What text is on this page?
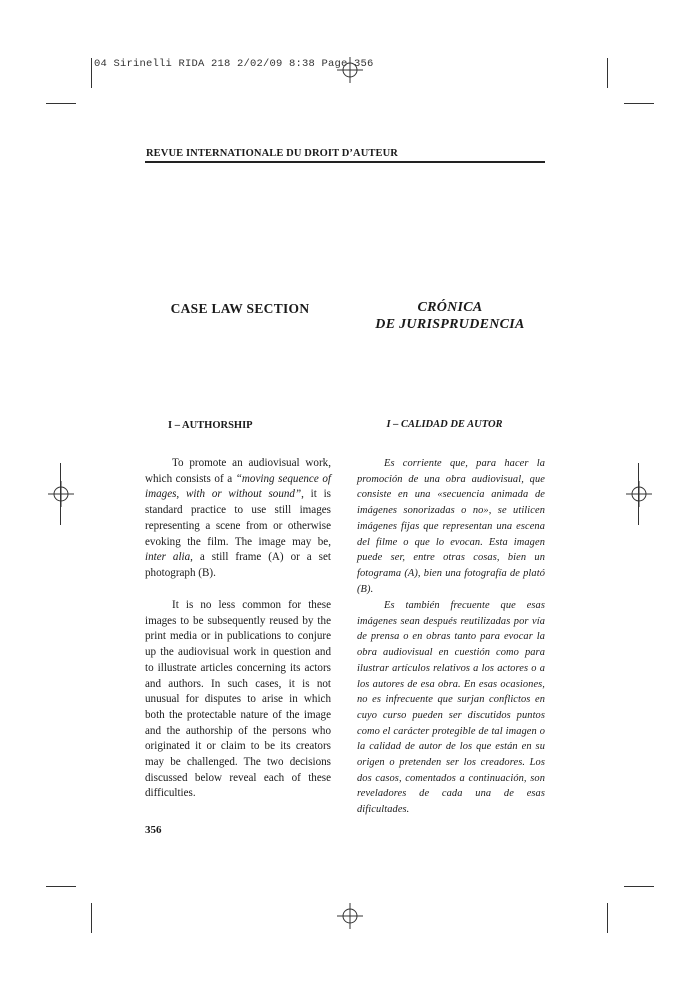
04 Sirinelli RIDA 218 2/02/09 8:38 Page 356
REVUE INTERNATIONALE DU DROIT D’AUTEUR
CASE LAW SECTION	CRÓNICA
DE JURISPRUDENCIA
I – AUTHORSHIP	I – CALIDAD DE AUTOR
To promote an audiovisual work, which consists of a “moving sequence of images, with or without sound”, it is standard practice to use still images representing a scene from or otherwise evoking the film. The image may be, inter alia, a still frame (A) or a set photograph (B).
It is no less common for these images to be subsequently reused by the print media or in publications to conjure up the audiovisual work in question and to illustrate articles concerning its actors and authors. In such cases, it is not unusual for disputes to arise in which both the protectable nature of the image and the authorship of the persons who originated it or claim to be its creators may be challenged. The two decisions discussed below reveal each of these difficulties.
Es corriente que, para hacer la promoción de una obra audiovisual, que consiste en una «secuencia animada de imágenes sonorizadas o no», se utilicen imágenes fijas que representan una escena del filme o que lo evocan. Esta imagen puede ser, entre otras cosas, bien un fotograma (A), bien una fotografía de plató (B).
Es también frecuente que esas imágenes sean después reutilizadas por vía de prensa o en obras tanto para evocar la obra audiovisual en cuestión como para ilustrar artículos relativos a los actores o a los autores de esa obra. En esas ocasiones, no es infrecuente que surjan conflictos en cuyo curso pueden ser discutidos puntos como el carácter protegible de tal imagen o la calidad de autor de los que están en su origen o pretenden ser los creadores. Los dos casos, comentados a continuación, son reveladores de cada una de esas dificultades.
356
